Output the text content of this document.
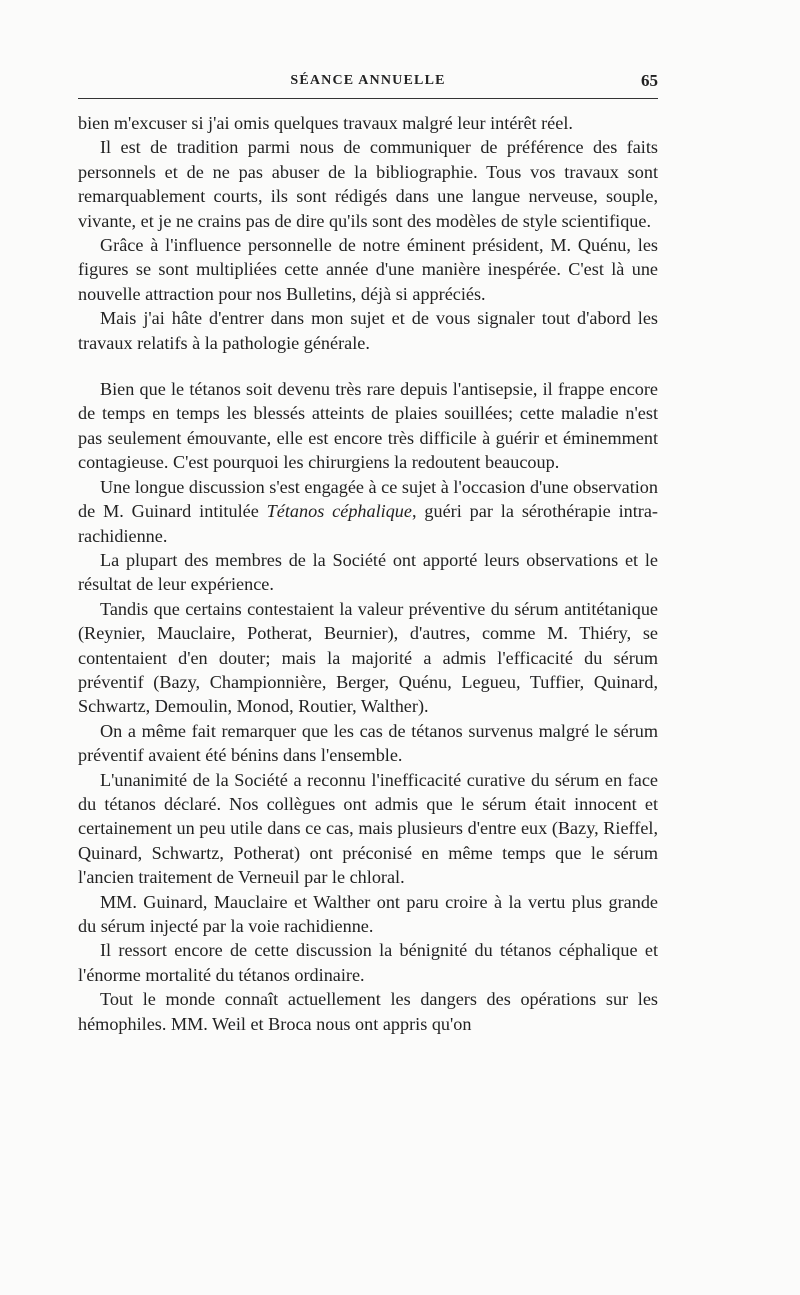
SÉANCE ANNUELLE	65

bien m'excuser si j'ai omis quelques travaux malgré leur intérêt réel.

Il est de tradition parmi nous de communiquer de préférence des faits personnels et de ne pas abuser de la bibliographie. Tous vos travaux sont remarquablement courts, ils sont rédigés dans une langue nerveuse, souple, vivante, et je ne crains pas de dire qu'ils sont des modèles de style scientifique.

Grâce à l'influence personnelle de notre éminent président, M. Quénu, les figures se sont multipliées cette année d'une manière inespérée. C'est là une nouvelle attraction pour nos Bulletins, déjà si appréciés.

Mais j'ai hâte d'entrer dans mon sujet et de vous signaler tout d'abord les travaux relatifs à la pathologie générale.

Bien que le tétanos soit devenu très rare depuis l'antisepsie, il frappe encore de temps en temps les blessés atteints de plaies souillées; cette maladie n'est pas seulement émouvante, elle est encore très difficile à guérir et éminemment contagieuse. C'est pourquoi les chirurgiens la redoutent beaucoup.

Une longue discussion s'est engagée à ce sujet à l'occasion d'une observation de M. Guinard intitulée Tétanos céphalique, guéri par la sérothérapie intra-rachidienne.

La plupart des membres de la Société ont apporté leurs observations et le résultat de leur expérience.

Tandis que certains contestaient la valeur préventive du sérum antitétanique (Reynier, Mauclaire, Potherat, Beurnier), d'autres, comme M. Thiéry, se contentaient d'en douter; mais la majorité a admis l'efficacité du sérum préventif (Bazy, Championnière, Berger, Quénu, Legueu, Tuffier, Quinard, Schwartz, Demoulin, Monod, Routier, Walther).

On a même fait remarquer que les cas de tétanos survenus malgré le sérum préventif avaient été bénins dans l'ensemble.

L'unanimité de la Société a reconnu l'inefficacité curative du sérum en face du tétanos déclaré. Nos collègues ont admis que le sérum était innocent et certainement un peu utile dans ce cas, mais plusieurs d'entre eux (Bazy, Rieffel, Quinard, Schwartz, Potherat) ont préconisé en même temps que le sérum l'ancien traitement de Verneuil par le chloral.

MM. Guinard, Mauclaire et Walther ont paru croire à la vertu plus grande du sérum injecté par la voie rachidienne.

Il ressort encore de cette discussion la bénignité du tétanos céphalique et l'énorme mortalité du tétanos ordinaire.

Tout le monde connaît actuellement les dangers des opérations sur les hémophiles. MM. Weil et Broca nous ont appris qu'on
